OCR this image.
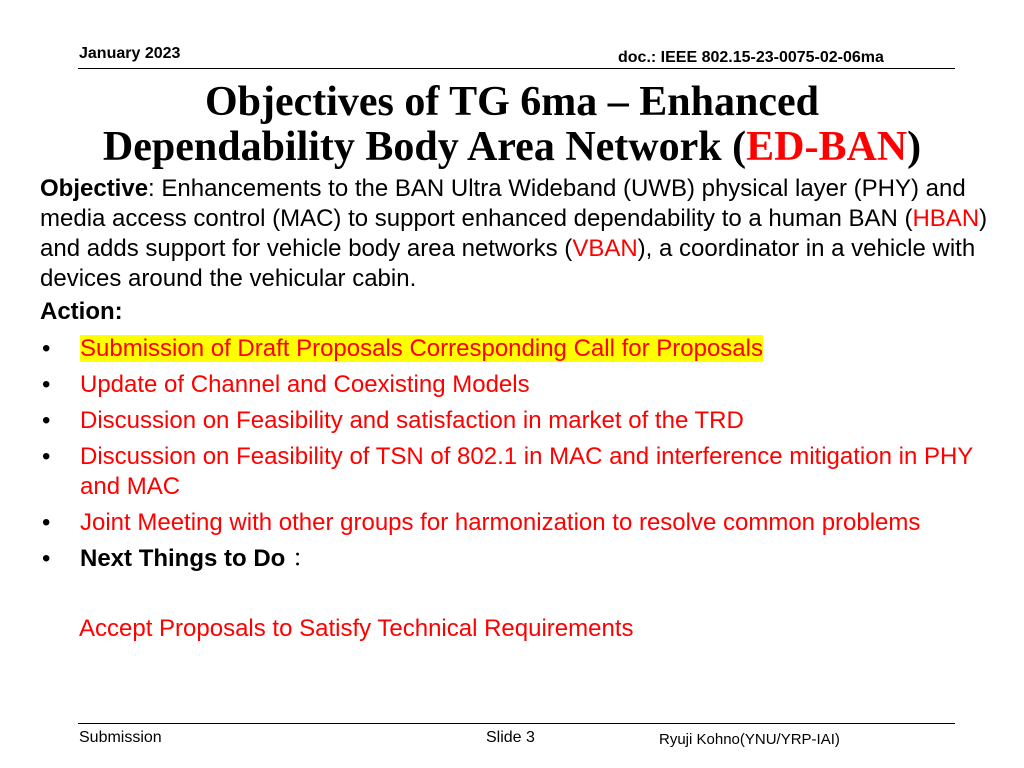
January 2023	doc.: IEEE 802.15-23-0075-02-06ma
Objectives of TG 6ma – Enhanced
Dependability Body Area Network (ED-BAN)

Objective: Enhancements to the BAN Ultra Wideband (UWB) physical layer (PHY) and media access control (MAC) to support enhanced dependability to a human BAN (HBAN) and adds support for vehicle body area networks (VBAN), a coordinator in a vehicle with devices around the vehicular cabin.

Action:
•	Submission of Draft Proposals Corresponding Call for Proposals
•	Update of Channel and Coexisting Models
•	Discussion on Feasibility and satisfaction in market of the TRD
•	Discussion on Feasibility of TSN of 802.1 in MAC and interference mitigation in PHY and MAC
•	Joint Meeting with other groups for harmonization to resolve common problems
•	Next Things to Do ：
Accept Proposals to Satisfy Technical Requirements
Submission	Slide 3	Ryuji Kohno(YNU/YRP-IAI)
